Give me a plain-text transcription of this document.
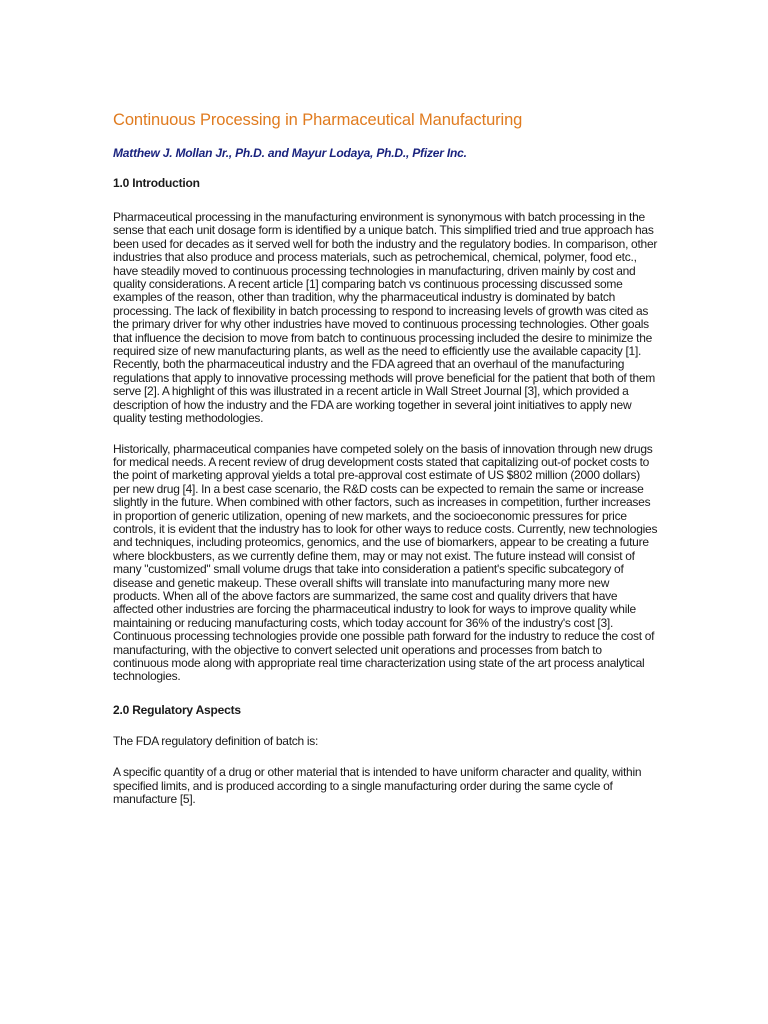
Continuous Processing in Pharmaceutical Manufacturing

Matthew J. Mollan Jr., Ph.D. and Mayur Lodaya, Ph.D., Pfizer Inc.

1.0 Introduction

Pharmaceutical processing in the manufacturing environment is synonymous with batch processing in the sense that each unit dosage form is identified by a unique batch. This simplified tried and true approach has been used for decades as it served well for both the industry and the regulatory bodies. In comparison, other industries that also produce and process materials, such as petrochemical, chemical, polymer, food etc., have steadily moved to continuous processing technologies in manufacturing, driven mainly by cost and quality considerations. A recent article [1] comparing batch vs continuous processing discussed some examples of the reason, other than tradition, why the pharmaceutical industry is dominated by batch processing. The lack of flexibility in batch processing to respond to increasing levels of growth was cited as the primary driver for why other industries have moved to continuous processing technologies. Other goals that influence the decision to move from batch to continuous processing included the desire to minimize the required size of new manufacturing plants, as well as the need to efficiently use the available capacity [1]. Recently, both the pharmaceutical industry and the FDA agreed that an overhaul of the manufacturing regulations that apply to innovative processing methods will prove beneficial for the patient that both of them serve [2]. A highlight of this was illustrated in a recent article in Wall Street Journal [3], which provided a description of how the industry and the FDA are working together in several joint initiatives to apply new quality testing methodologies.

Historically, pharmaceutical companies have competed solely on the basis of innovation through new drugs for medical needs. A recent review of drug development costs stated that capitalizing out-of pocket costs to the point of marketing approval yields a total pre-approval cost estimate of US $802 million (2000 dollars) per new drug [4]. In a best case scenario, the R&D costs can be expected to remain the same or increase slightly in the future. When combined with other factors, such as increases in competition, further increases in proportion of generic utilization, opening of new markets, and the socioeconomic pressures for price controls, it is evident that the industry has to look for other ways to reduce costs. Currently, new technologies and techniques, including proteomics, genomics, and the use of biomarkers, appear to be creating a future where blockbusters, as we currently define them, may or may not exist. The future instead will consist of many "customized" small volume drugs that take into consideration a patient's specific subcategory of disease and genetic makeup. These overall shifts will translate into manufacturing many more new products. When all of the above factors are summarized, the same cost and quality drivers that have affected other industries are forcing the pharmaceutical industry to look for ways to improve quality while maintaining or reducing manufacturing costs, which today account for 36% of the industry's cost [3]. Continuous processing technologies provide one possible path forward for the industry to reduce the cost of manufacturing, with the objective to convert selected unit operations and processes from batch to continuous mode along with appropriate real time characterization using state of the art process analytical technologies.

2.0 Regulatory Aspects

The FDA regulatory definition of batch is:

A specific quantity of a drug or other material that is intended to have uniform character and quality, within specified limits, and is produced according to a single manufacturing order during the same cycle of manufacture [5].
